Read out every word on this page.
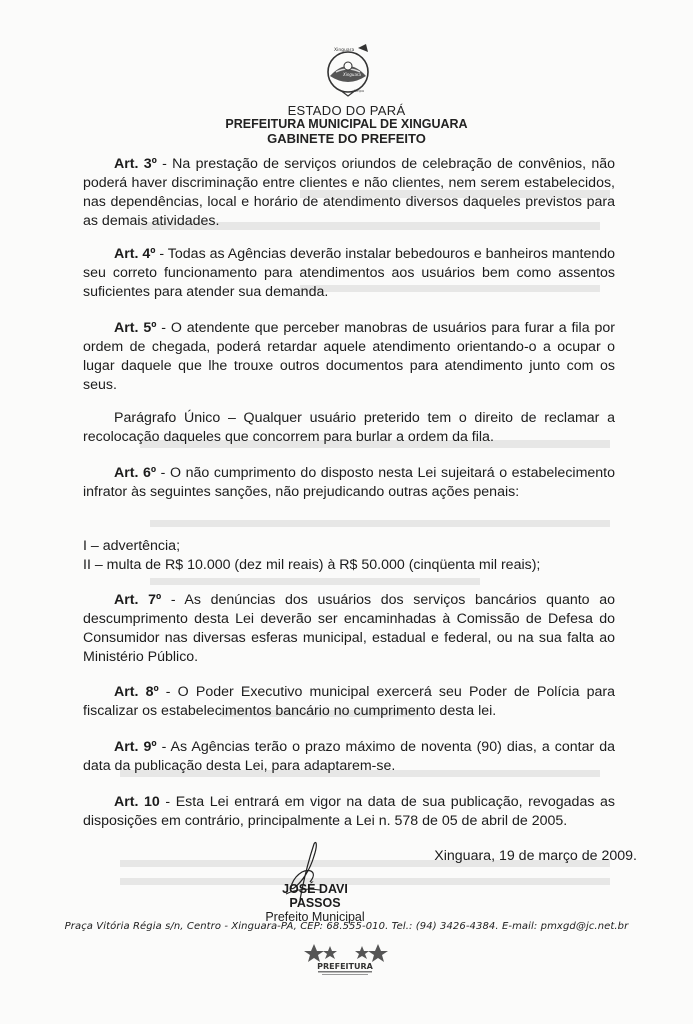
Xinguara
Xinguara
Vinpu
ESTADO DO PARÁ
PREFEITURA MUNICIPAL DE XINGUARA
GABINETE DO PREFEITO

Art. 3º - Na prestação de serviços oriundos de celebração de convênios, não poderá haver discriminação entre clientes e não clientes, nem serem estabelecidos, nas dependências, local e horário de atendimento diversos daqueles previstos para as demais atividades.

Art. 4º - Todas as Agências deverão instalar bebedouros e banheiros mantendo seu correto funcionamento para atendimentos aos usuários bem como assentos suficientes para atender sua demanda.

Art. 5º - O atendente que perceber manobras de usuários para furar a fila por ordem de chegada, poderá retardar aquele atendimento orientando-o a ocupar o lugar daquele que lhe trouxe outros documentos para atendimento junto com os seus.

Parágrafo Único – Qualquer usuário preterido tem o direito de reclamar a recolocação daqueles que concorrem para burlar a ordem da fila.

Art. 6º - O não cumprimento do disposto nesta Lei sujeitará o estabelecimento infrator às seguintes sanções, não prejudicando outras ações penais:

I – advertência;

II – multa de R$ 10.000 (dez mil reais) à R$ 50.000 (cinqüenta mil reais);

Art. 7º - As denúncias dos usuários dos serviços bancários quanto ao descumprimento desta Lei deverão ser encaminhadas à Comissão de Defesa do Consumidor nas diversas esferas municipal, estadual e federal, ou na sua falta ao Ministério Público.

Art. 8º - O Poder Executivo municipal exercerá seu Poder de Polícia para fiscalizar os estabelecimentos bancário no cumprimento desta lei.

Art. 9º - As Agências terão o prazo máximo de noventa (90) dias, a contar da data da publicação desta Lei, para adaptarem-se.

Art. 10 - Esta Lei entrará em vigor na data de sua publicação, revogadas as disposições em contrário, principalmente a Lei n. 578 de 05 de abril de 2005.

Xinguara, 19 de março de 2009.
JOSÉ DAVI PASSOS
Prefeito Municipal
Praça Vitória Régia s/n, Centro - Xinguara-PA, CEP: 68.555-010. Tel.: (94) 3426-4384. E-mail: pmxgd@jc.net.br
PREFEITURA
